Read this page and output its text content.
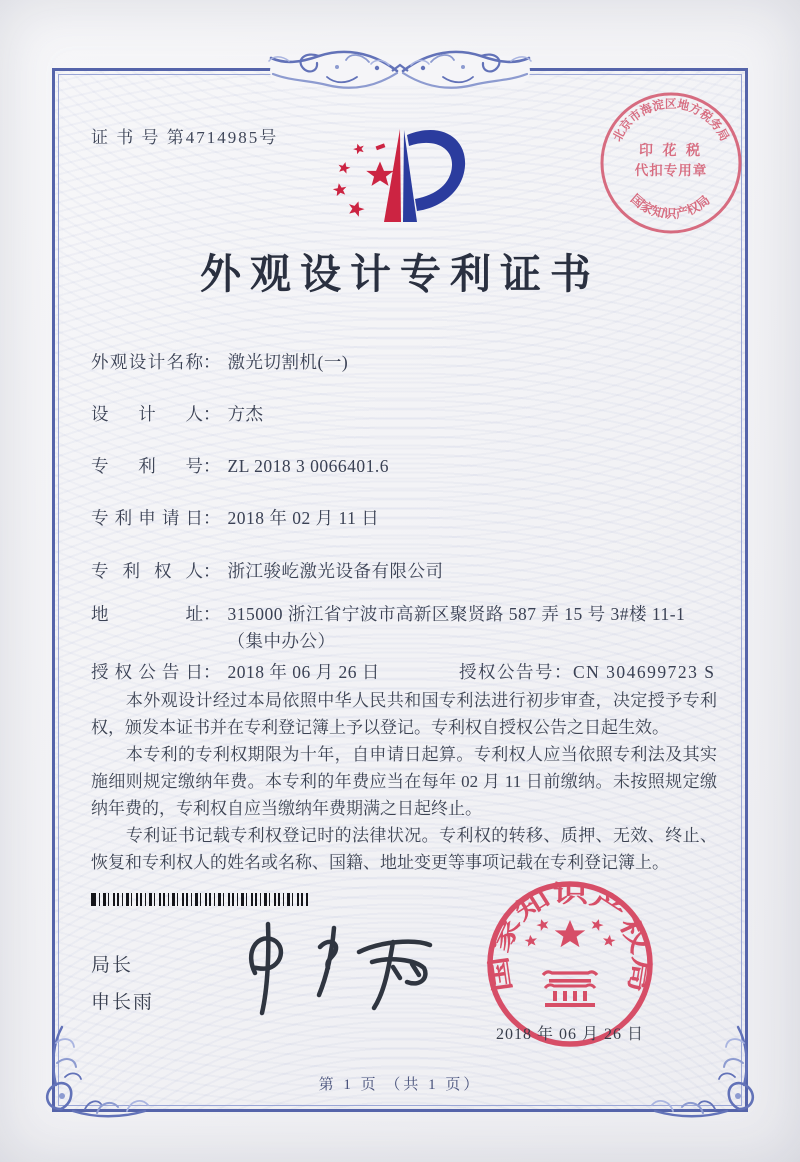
证 书 号 第4714985号	北京市海淀区地方税务局
国家知识产权局
印 花 税
代扣专用章
外观设计专利证书
外观设计名称 ： 激光切割机(一)
设计人 ： 方杰
专利号 ： ZL 2018 3 0066401.6
专利申请日 ： 2018 年 02 月 11 日
专利权人 ： 浙江骏屹激光设备有限公司
地址 ： 315000 浙江省宁波市高新区聚贤路 587 弄 15 号 3#楼 11-1（集中办公）
授权公告日 ： 2018 年 06 月 26 日	授权公告号：CN 304699723 S

本外观设计经过本局依照中华人民共和国专利法进行初步审查，决定授予专利权，颁发本证书并在专利登记簿上予以登记。专利权自授权公告之日起生效。

本专利的专利权期限为十年，自申请日起算。专利权人应当依照专利法及其实施细则规定缴纳年费。本专利的年费应当在每年 02 月 11 日前缴纳。未按照规定缴纳年费的，专利权自应当缴纳年费期满之日起终止。

专利证书记载专利权登记时的法律状况。专利权的转移、质押、无效、终止、恢复和专利权人的姓名或名称、国籍、地址变更等事项记载在专利登记簿上。

局长
申长雨
国家知识产权局
2018 年 06 月 26 日
第 1 页 （共 1 页）
